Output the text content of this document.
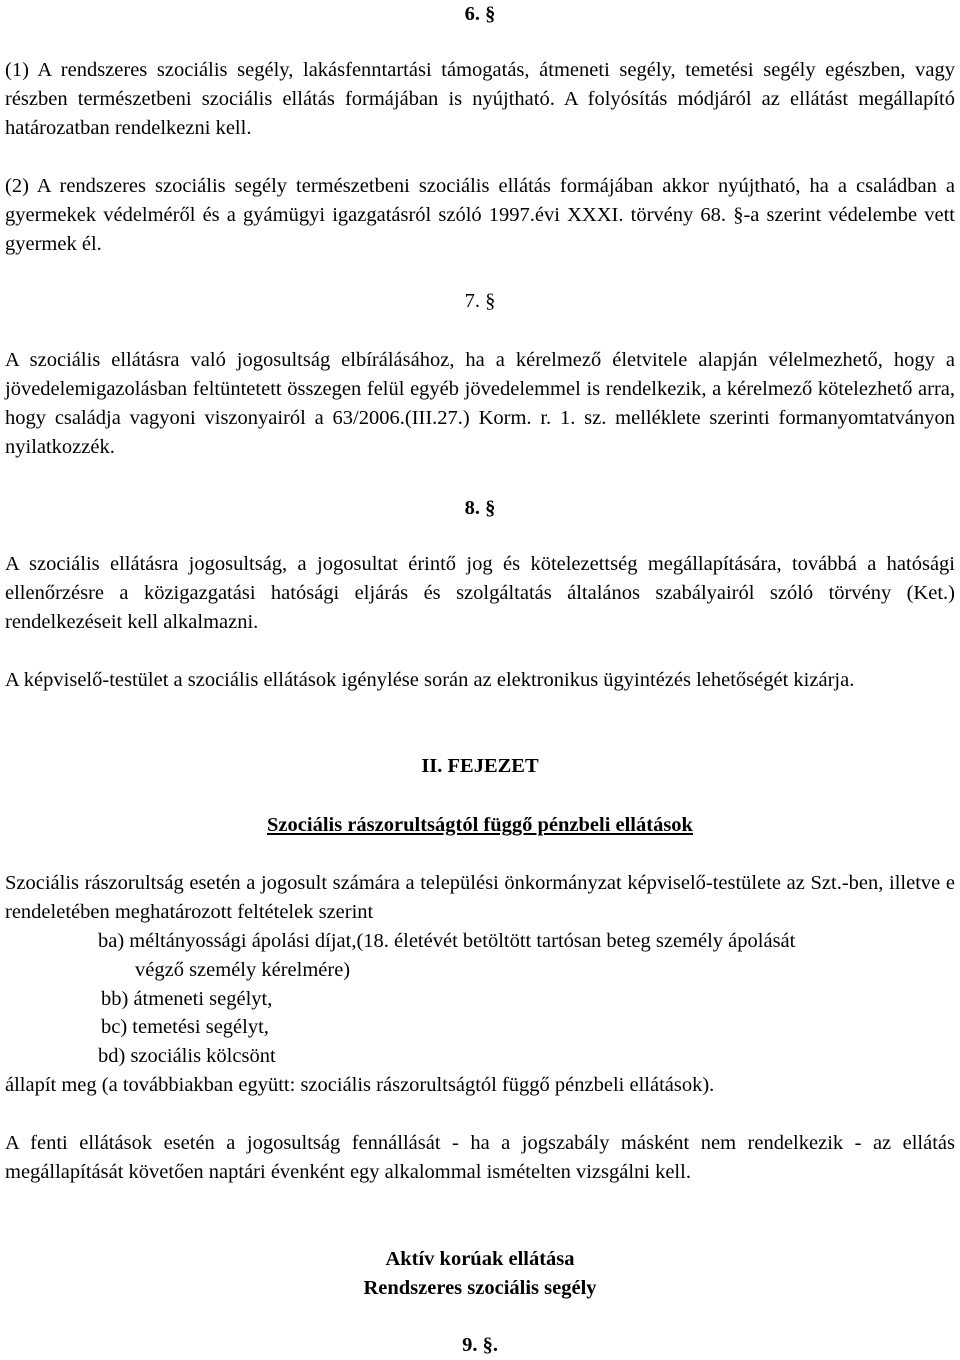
6. §
(1) A rendszeres szociális segély, lakásfenntartási támogatás, átmeneti segély, temetési segély egészben, vagy részben természetbeni szociális ellátás formájában is nyújtható. A folyósítás módjáról az ellátást megállapító határozatban rendelkezni kell.
(2) A rendszeres szociális segély természetbeni szociális ellátás formájában akkor nyújtható, ha a családban a gyermekek védelméről és a gyámügyi igazgatásról szóló 1997.évi XXXI. törvény 68. §-a szerint védelembe vett gyermek él.
7. §
A szociális ellátásra való jogosultság elbírálásához, ha a kérelmező életvitele alapján vélelmezhető, hogy a jövedelemigazolásban feltüntetett összegen felül egyéb jövedelemmel is rendelkezik, a kérelmező kötelezhető arra, hogy családja vagyoni viszonyairól a 63/2006.(III.27.) Korm. r. 1. sz. melléklete szerinti formanyomtatványon nyilatkozzék.
8. §
A szociális ellátásra jogosultság, a jogosultat érintő jog és kötelezettség megállapítására, továbbá a hatósági ellenőrzésre a közigazgatási hatósági eljárás és szolgáltatás általános szabályairól szóló törvény (Ket.) rendelkezéseit kell alkalmazni.
A képviselő-testület a szociális ellátások igénylése során az elektronikus ügyintézés lehetőségét kizárja.
II. FEJEZET
Szociális rászorultságtól függő pénzbeli ellátások
Szociális rászorultság esetén a jogosult számára a települési önkormányzat képviselő-testülete az Szt.-ben, illetve e rendeletében meghatározott feltételek szerint
ba) méltányossági ápolási díjat,(18. életévét betöltött tartósan beteg személy ápolását
végző személy kérelmére)
bb) átmeneti segélyt,
bc) temetési segélyt,
bd) szociális kölcsönt
állapít meg (a továbbiakban együtt: szociális rászorultságtól függő pénzbeli ellátások).
A fenti ellátások esetén a jogosultság fennállását - ha a jogszabály másként nem rendelkezik - az ellátás megállapítását követően naptári évenként egy alkalommal ismételten vizsgálni kell.
Aktív korúak ellátása
Rendszeres szociális segély
9. §.
